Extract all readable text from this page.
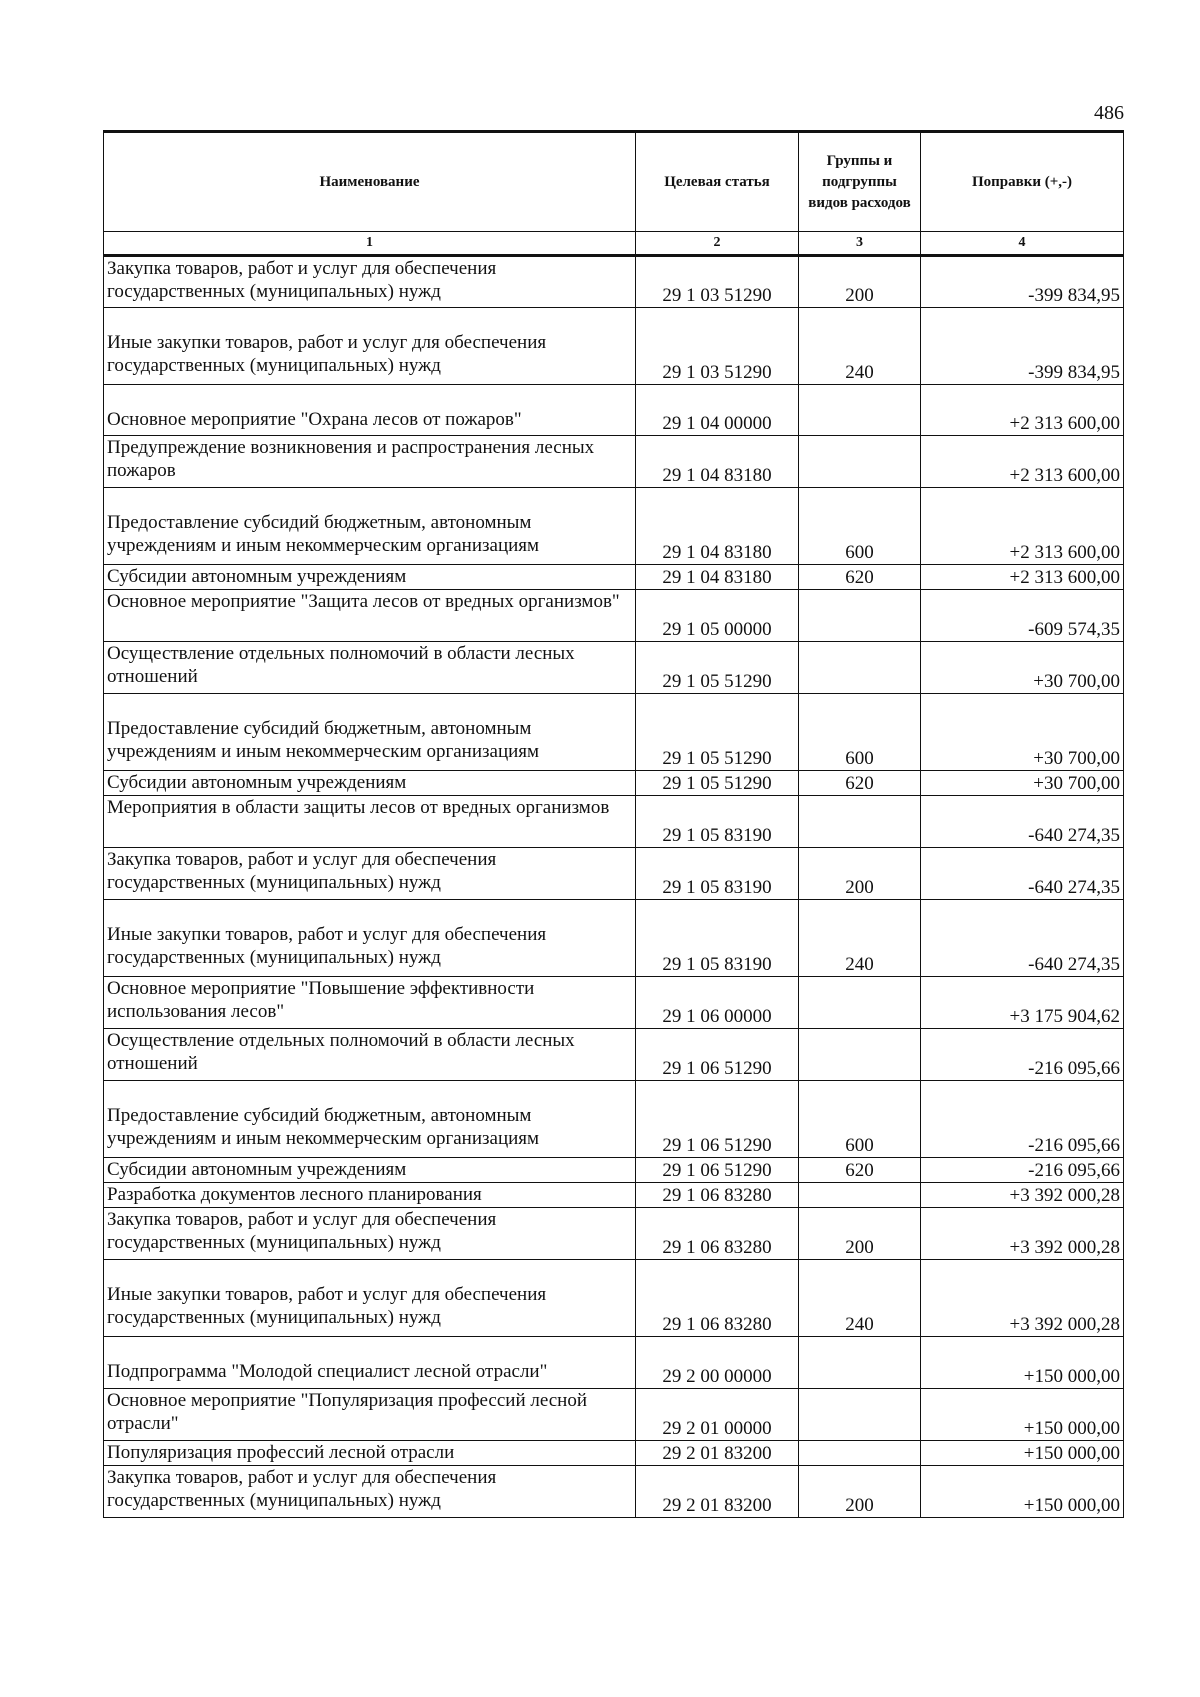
486
Наименование	Целевая статья	Группы и подгруппы видов расходов	Поправки (+,-)
1	2	3	4

Закупка товаров, работ и услуг для обеспечения государственных (муниципальных) нужд	29 1 03 51290	200	-399 834,95

Иные закупки товаров, работ и услуг для обеспечения государственных (муниципальных) нужд	29 1 03 51290	240	-399 834,95

Основное мероприятие "Охрана лесов от пожаров"	29 1 04 00000		+2 313 600,00

Предупреждение возникновения и распространения лесных пожаров	29 1 04 83180		+2 313 600,00

Предоставление субсидий бюджетным, автономным учреждениям и иным некоммерческим организациям	29 1 04 83180	600	+2 313 600,00

Субсидии автономным учреждениям	29 1 04 83180	620	+2 313 600,00

Основное мероприятие "Защита лесов от вредных организмов"	29 1 05 00000		-609 574,35

Осуществление отдельных полномочий в области лесных отношений	29 1 05 51290		+30 700,00

Предоставление субсидий бюджетным, автономным учреждениям и иным некоммерческим организациям	29 1 05 51290	600	+30 700,00

Субсидии автономным учреждениям	29 1 05 51290	620	+30 700,00

Мероприятия в области защиты лесов от вредных организмов	29 1 05 83190		-640 274,35

Закупка товаров, работ и услуг для обеспечения государственных (муниципальных) нужд	29 1 05 83190	200	-640 274,35

Иные закупки товаров, работ и услуг для обеспечения государственных (муниципальных) нужд	29 1 05 83190	240	-640 274,35

Основное мероприятие "Повышение эффективности использования лесов"	29 1 06 00000		+3 175 904,62

Осуществление отдельных полномочий в области лесных отношений	29 1 06 51290		-216 095,66

Предоставление субсидий бюджетным, автономным учреждениям и иным некоммерческим организациям	29 1 06 51290	600	-216 095,66

Субсидии автономным учреждениям	29 1 06 51290	620	-216 095,66

Разработка документов лесного планирования	29 1 06 83280		+3 392 000,28

Закупка товаров, работ и услуг для обеспечения государственных (муниципальных) нужд	29 1 06 83280	200	+3 392 000,28

Иные закупки товаров, работ и услуг для обеспечения государственных (муниципальных) нужд	29 1 06 83280	240	+3 392 000,28

Подпрограмма "Молодой специалист лесной отрасли"	29 2 00 00000		+150 000,00

Основное мероприятие "Популяризация профессий лесной отрасли"	29 2 01 00000		+150 000,00

Популяризация профессий лесной отрасли	29 2 01 83200		+150 000,00

Закупка товаров, работ и услуг для обеспечения государственных (муниципальных) нужд	29 2 01 83200	200	+150 000,00
